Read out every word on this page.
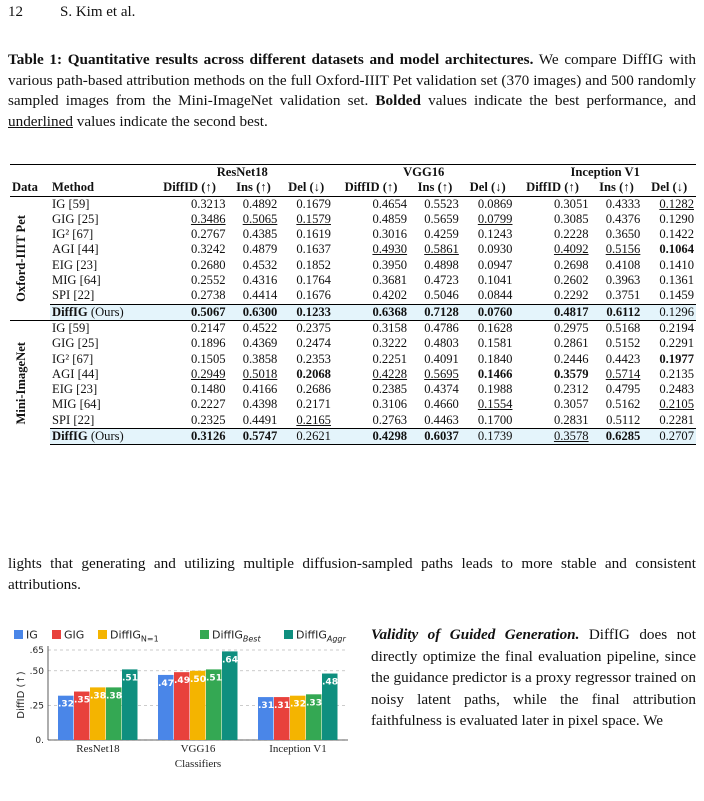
12 S. Kim et al.
Table 1: Quantitative results across different datasets and model architectures. We compare DiffIG with various path-based attribution methods on the full Oxford-IIIT Pet validation set (370 images) and 500 randomly sampled images from the Mini-ImageNet validation set. Bolded values indicate the best performance, and underlined values indicate the second best.
		ResNet18			VGG16			Inception V1		
Data	Method	DiffID (↑)	Ins (↑)	Del (↓)	DiffID (↑)	Ins (↑)	Del (↓)	DiffID (↑)	Ins (↑)	Del (↓)

Oxford-IIIT Pet	IG [59]	0.3213	0.4892	0.1679	0.4654	0.5523	0.0869	0.3051	0.4333	0.1282
	GIG [25]	0.3486	0.5065	0.1579	0.4859	0.5659	0.0799	0.3085	0.4376	0.1290
	IG² [67]	0.2767	0.4385	0.1619	0.3016	0.4259	0.1243	0.2228	0.3650	0.1422
	AGI [44]	0.3242	0.4879	0.1637	0.4930	0.5861	0.0930	0.4092	0.5156	0.1064
	EIG [23]	0.2680	0.4532	0.1852	0.3950	0.4898	0.0947	0.2698	0.4108	0.1410
	MIG [64]	0.2552	0.4316	0.1764	0.3681	0.4723	0.1041	0.2602	0.3963	0.1361
	SPI [22]	0.2738	0.4414	0.1676	0.4202	0.5046	0.0844	0.2292	0.3751	0.1459
	DiffIG (Ours)	0.5067	0.6300	0.1233	0.6368	0.7128	0.0760	0.4817	0.6112	0.1296

Mini-ImageNet	IG [59]	0.2147	0.4522	0.2375	0.3158	0.4786	0.1628	0.2975	0.5168	0.2194
	GIG [25]	0.1896	0.4369	0.2474	0.3222	0.4803	0.1581	0.2861	0.5152	0.2291
	IG² [67]	0.1505	0.3858	0.2353	0.2251	0.4091	0.1840	0.2446	0.4423	0.1977
	AGI [44]	0.2949	0.5018	0.2068	0.4228	0.5695	0.1466	0.3579	0.5714	0.2135
	EIG [23]	0.1480	0.4166	0.2686	0.2385	0.4374	0.1988	0.2312	0.4795	0.2483
	MIG [64]	0.2227	0.4398	0.2171	0.3106	0.4660	0.1554	0.3057	0.5162	0.2105
	SPI [22]	0.2325	0.4491	0.2165	0.2763	0.4463	0.1700	0.2831	0.5112	0.2281
	DiffIG (Ours)	0.3126	0.5747	0.2621	0.4298	0.6037	0.1739	0.3578	0.6285	0.2707
lights that generating and utilizing multiple diffusion-sampled paths leads to more stable and consistent attributions.
IG GIG DiffIG$_{N=1}$	DiffIG$_{Best}$	DiffIG$_{Aggr}$
.65
.50
.25
0.
DiffID (↑)	.32 .35 .38 .38
.51
ResNet18
.47 .49 .50 .51
.64
VGG16
.31 .31 .32 .33
.48
Inception V1
Classifiers
Validity of Guided Generation. DiffIG does not directly optimize the final evaluation pipeline, since the guidance predictor is a proxy regressor trained on noisy latent paths, while the final attribution faithfulness is evaluated later in pixel space. We
